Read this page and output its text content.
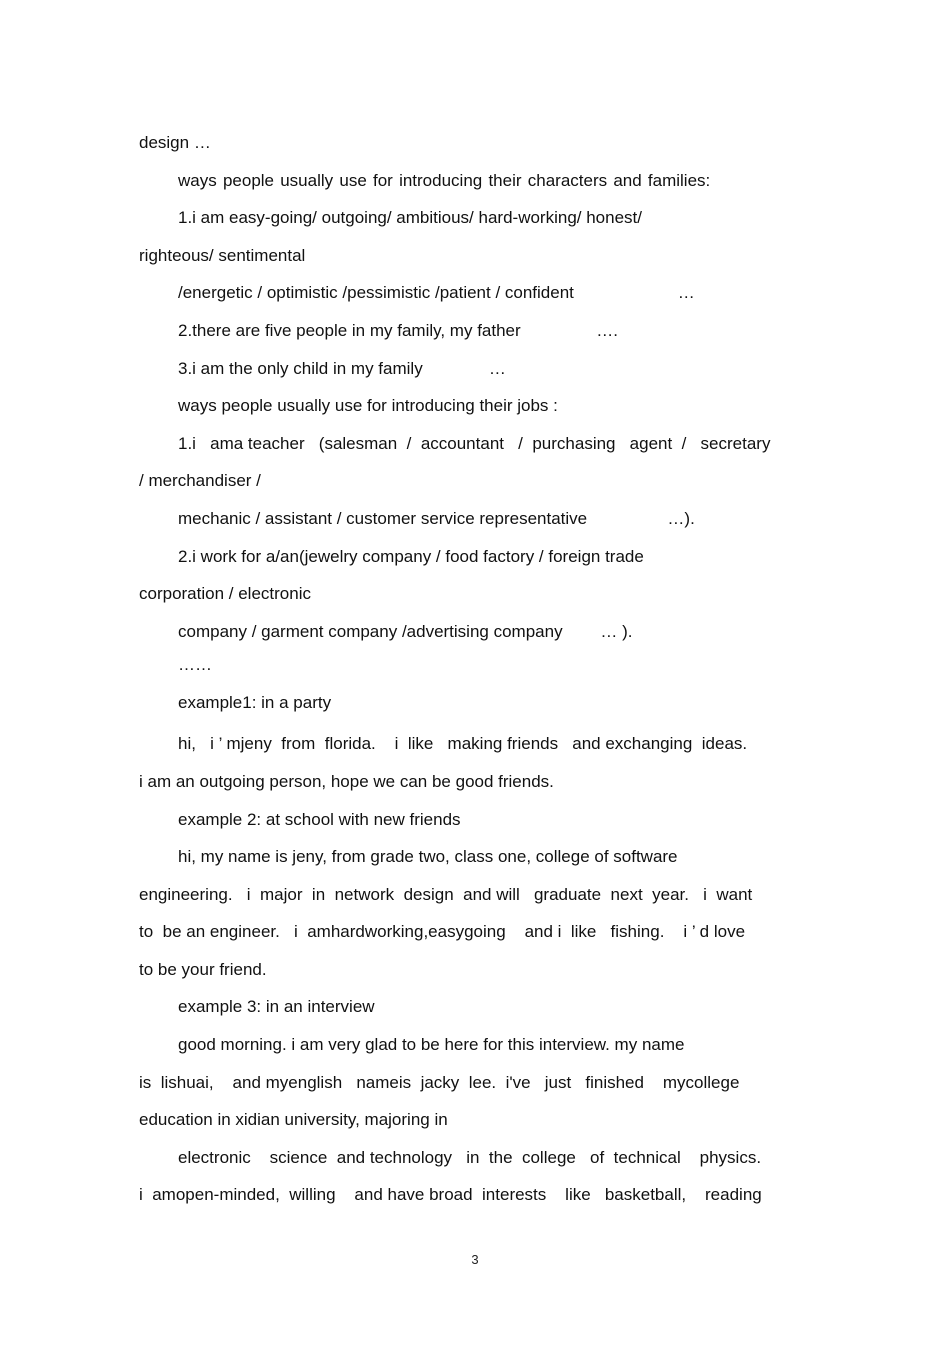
design …
ways people usually use for introducing their characters and families:
1.i am easy-going/ outgoing/ ambitious/ hard-working/ honest/
righteous/ sentimental
/energetic / optimistic /pessimistic /patient / confident                      …
2.there are five people in my family, my father                ….
3.i am the only child in my family              …
ways people usually use for introducing their jobs :
1.i   ama teacher   (salesman  /  accountant   /  purchasing   agent  /   secretary
/ merchandiser /
mechanic / assistant / customer service representative                 …).
2.i work for a/an(jewelry company / food factory / foreign trade
corporation / electronic
company / garment company /advertising company        … ).
……
example1: in a party
hi,   i ’ mjeny  from  florida.    i  like   making friends   and exchanging  ideas.
i am an outgoing person, hope we can be good friends.
example 2: at school with new friends
hi, my name is jeny, from grade two, class one, college of software
engineering.   i  major  in  network  design  and will   graduate  next  year.   i  want
to  be an engineer.   i  amhardworking,easygoing    and i  like   fishing.    i ’ d love
to be your friend.
example 3: in an interview
good morning. i am very glad to be here for this interview. my name
is  lishuai,    and myenglish   nameis  jacky  lee.  i've   just   finished    mycollege
education in xidian university, majoring in
electronic    science  and technology   in  the  college   of  technical    physics.
i  amopen-minded,  willing    and have broad  interests    like   basketball,    reading
3
